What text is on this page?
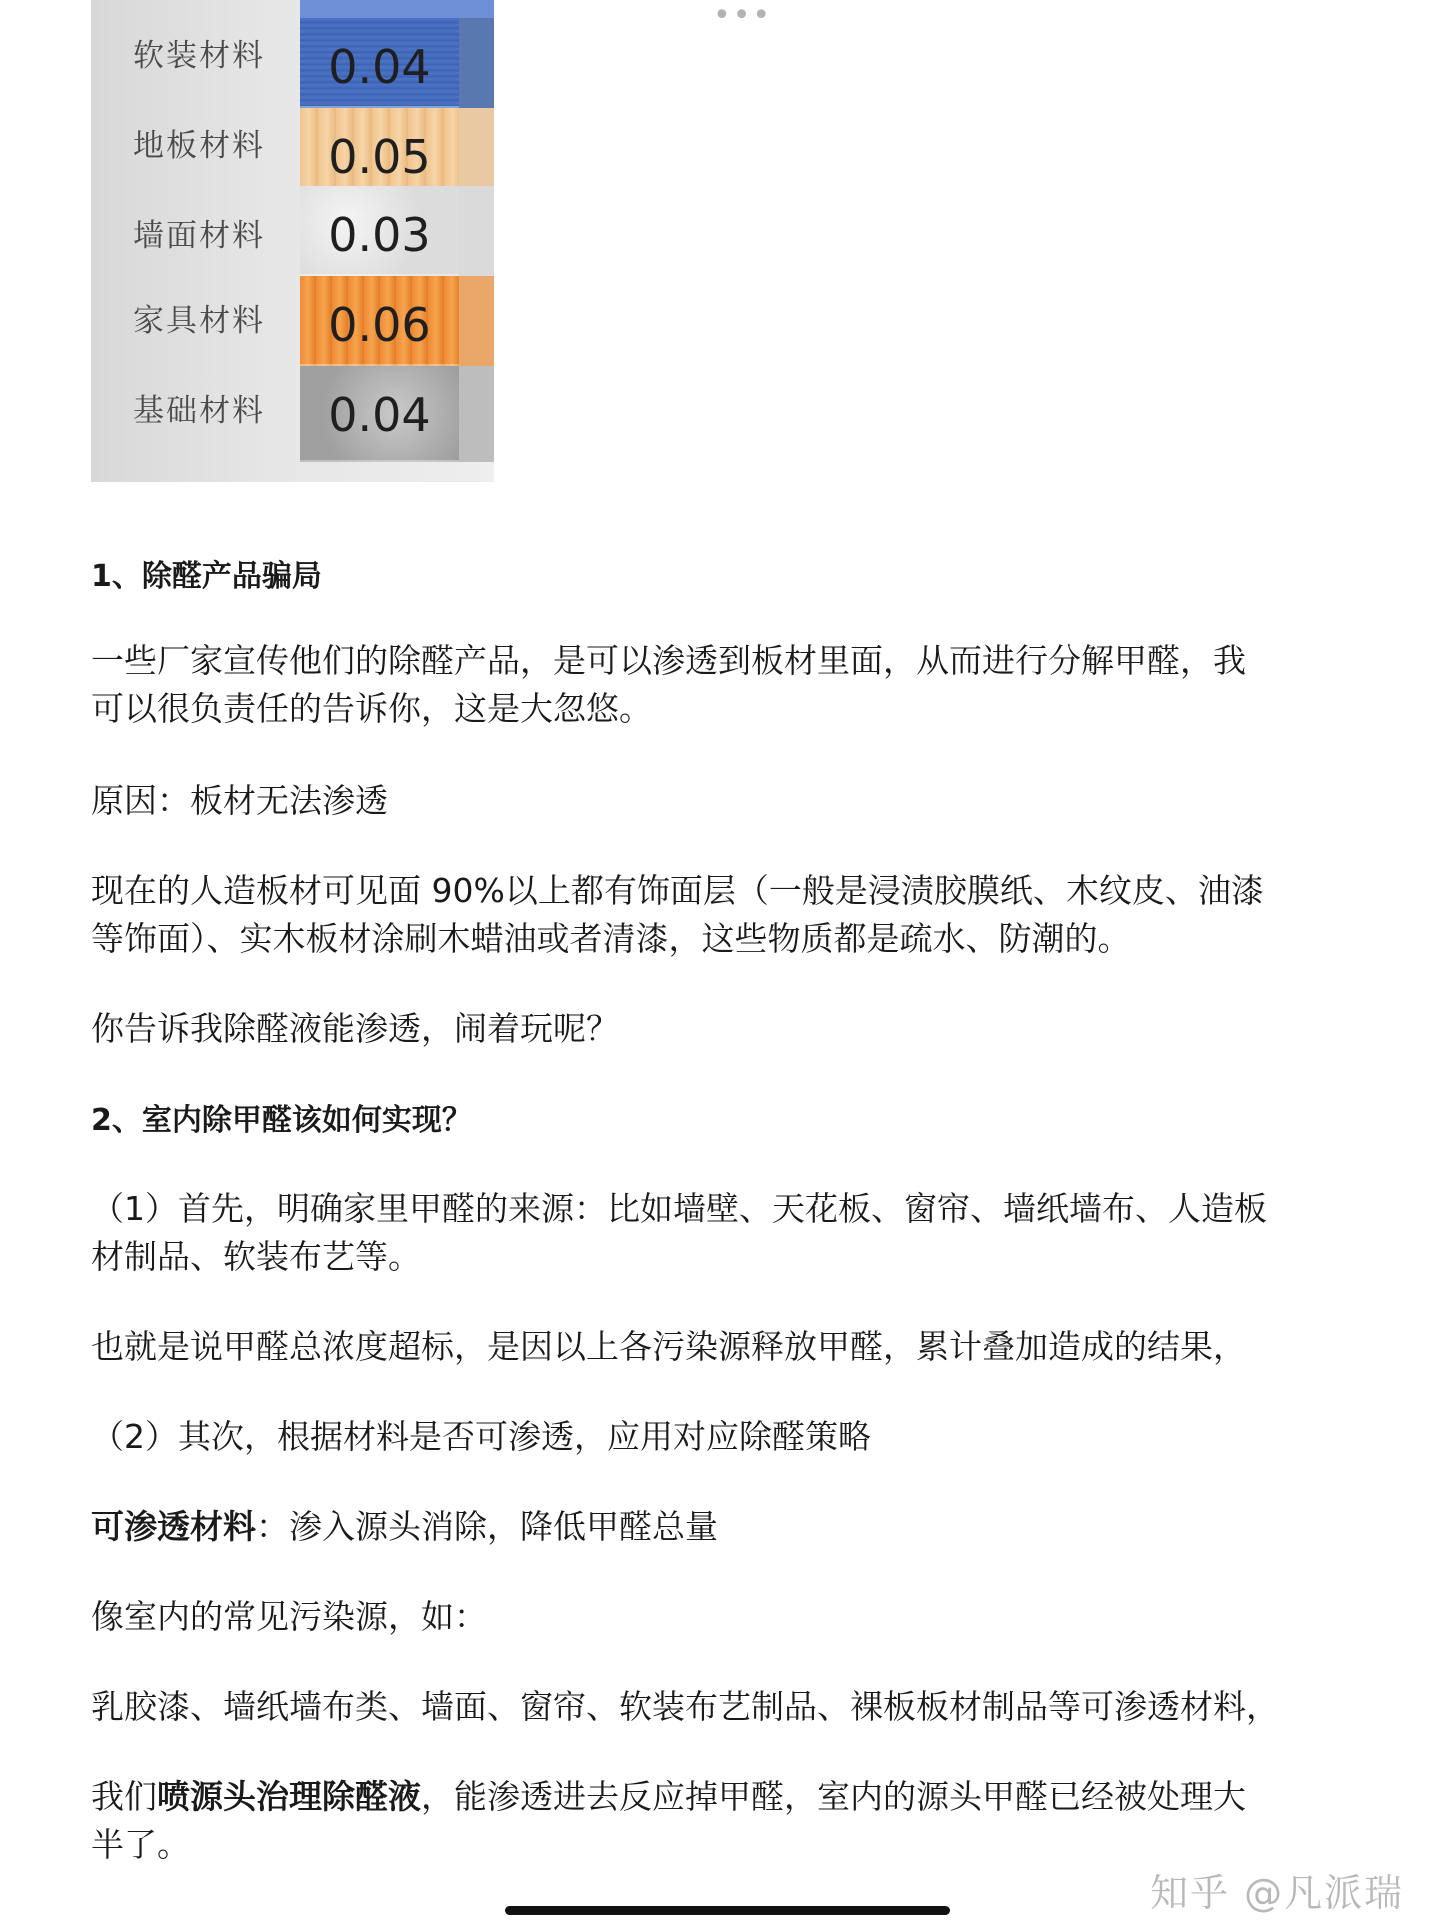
•••
软装材料	0.04
地板材料	0.05
墙面材料	0.03
家具材料	0.06
基础材料	0.04

1、除醛产品骗局

一些厂家宣传他们的除醛产品，是可以渗透到板材里面，从而进行分解甲醛，我

可以很负责任的告诉你，这是大忽悠。

原因：板材无法渗透

现在的人造板材可见面 90%以上都有饰面层（一般是浸渍胶膜纸、木纹皮、油漆

等饰面）、实木板材涂刷木蜡油或者清漆，这些物质都是疏水、防潮的。

你告诉我除醛液能渗透，闹着玩呢？

2、室内除甲醛该如何实现？

（1）首先，明确家里甲醛的来源：比如墙壁、天花板、窗帘、墙纸墙布、人造板

材制品、软装布艺等。

也就是说甲醛总浓度超标，是因以上各污染源释放甲醛，累计叠加造成的结果，

（2）其次，根据材料是否可渗透，应用对应除醛策略

可渗透材料：渗入源头消除，降低甲醛总量

像室内的常见污染源，如：

乳胶漆、墙纸墙布类、墙面、窗帘、软装布艺制品、裸板板材制品等可渗透材料，

我们喷源头治理除醛液，能渗透进去反应掉甲醛，室内的源头甲醛已经被处理大

半了。

知乎 @凡派瑞
